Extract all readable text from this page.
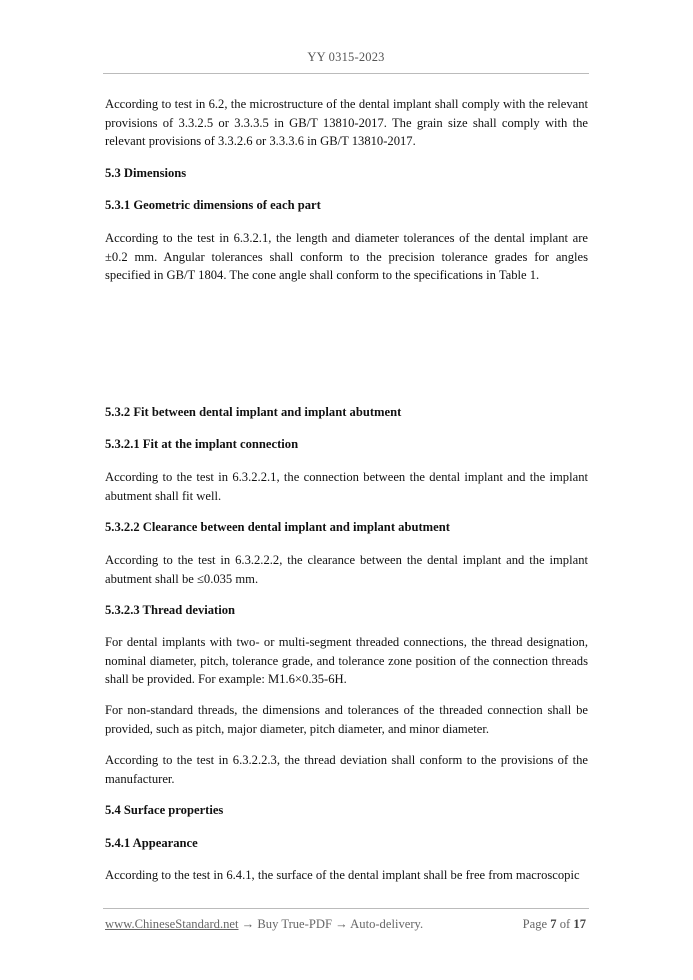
YY 0315-2023

According to test in 6.2, the microstructure of the dental implant shall comply with the relevant provisions of 3.3.2.5 or 3.3.3.5 in GB/T 13810-2017. The grain size shall comply with the relevant provisions of 3.3.2.6 or 3.3.3.6 in GB/T 13810-2017.

5.3 Dimensions

5.3.1 Geometric dimensions of each part

According to the test in 6.3.2.1, the length and diameter tolerances of the dental implant are ±0.2 mm. Angular tolerances shall conform to the precision tolerance grades for angles specified in GB/T 1804. The cone angle shall conform to the specifications in Table 1.

5.3.2 Fit between dental implant and implant abutment

5.3.2.1 Fit at the implant connection

According to the test in 6.3.2.2.1, the connection between the dental implant and the implant abutment shall fit well.

5.3.2.2 Clearance between dental implant and implant abutment

According to the test in 6.3.2.2.2, the clearance between the dental implant and the implant abutment shall be ≤0.035 mm.

5.3.2.3 Thread deviation

For dental implants with two- or multi-segment threaded connections, the thread designation, nominal diameter, pitch, tolerance grade, and tolerance zone position of the connection threads shall be provided. For example: M1.6×0.35-6H.

For non-standard threads, the dimensions and tolerances of the threaded connection shall be provided, such as pitch, major diameter, pitch diameter, and minor diameter.

According to the test in 6.3.2.2.3, the thread deviation shall conform to the provisions of the manufacturer.

5.4 Surface properties

5.4.1 Appearance

According to the test in 6.4.1, the surface of the dental implant shall be free from macroscopic

www.ChineseStandard.net → Buy True-PDF → Auto-delivery.	Page 7 of 17
